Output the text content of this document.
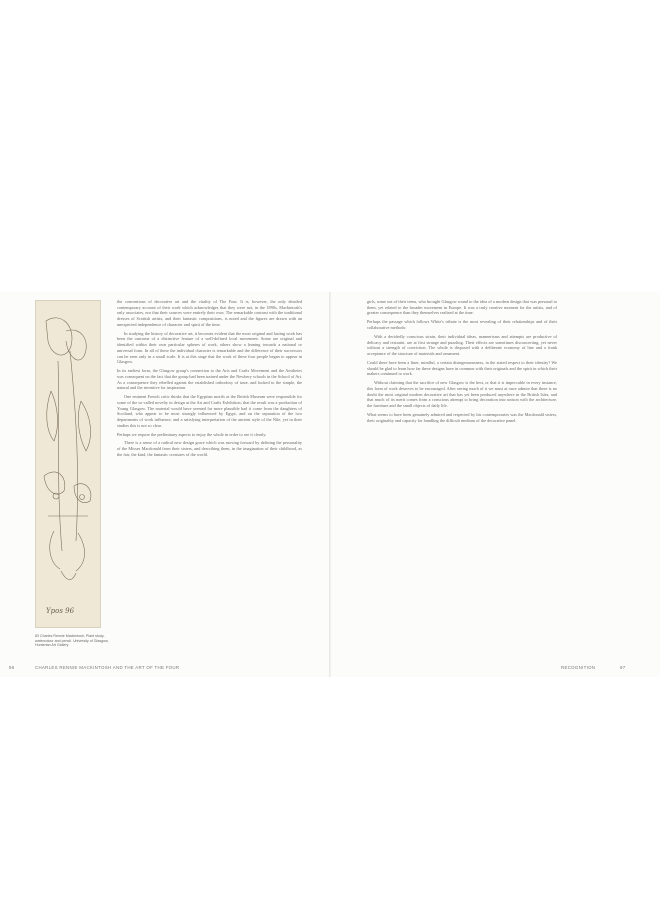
Ypos 96
83 Charles Rennie Mackintosh, Plant study, watercolour and pencil. University of Glasgow, Hunterian Art Gallery.

the conventions of decorative art and the vitality of The Four. It is, however, the only detailed contemporary account of their work which acknowledges that they were not, in the 1890s, Mackintosh's only associates, nor that their sources were entirely their own. The remarkable contrast with the traditional dresses of Scottish artists, and their fantastic compositions, is noted and the figures are drawn with an unexpected independence of character and spirit of the time.

In studying the history of decorative art, it becomes evident that the most original and lasting work has been the outcome of a distinctive feature of a well-defined local movement. Some are original and identified within their own particular spheres of work, others show a leaning towards a national or universal form. In all of these the individual character is remarkable and the difference of their successors can be seen only in a small scale. It is at this stage that the work of these four people began to appear in Glasgow.

In its earliest form, the Glasgow group's connection to the Arts and Crafts Movement and the Aesthetes was consequent on the fact that the group had been trained under the Newbery schools in the School of Art. As a consequence they rebelled against the established orthodoxy of taste, and looked to the simple, the natural and the inventive for inspiration.

One eminent French critic thinks that the Egyptian motifs at the British Museum were responsible for some of the so-called novelty in design at the Art and Crafts Exhibition; that the result was a production of Young Glasgow. The material would have seemed far more plausible had it come from the daughters of Scotland, who appear to be most strongly influenced by Egypt, and on the separation of the two departments of work influence, and a satisfying interpretation of the ancient style of the Nile, yet in their studies this is not so clear.

Perhaps we require the preliminary aspects to enjoy the whole in order to see it clearly.

There is a sense of a radical new design grace which was moving forward by defining the personality of the Misses Macdonald from their sisters, and describing them, in the imagination of their childhood, as the fair, the kind, the fantastic creatures of the world.

96	CHARLES RENNIE MACKINTOSH AND THE ART OF THE FOUR

girls, some out of their teens, who brought Glasgow round to the idea of a modern design that was personal to them, yet related to the broader movement in Europe. It was a truly creative moment for the artists, and of greater consequence than they themselves realised at the time.

Perhaps the passage which follows White's tribute is the most revealing of their relationships and of their collaborative methods:

With a decidedly conscious strain, their individual ideas, mannerisms and attempts are productive of delicacy and restraint, are at first strange and puzzling. Their effects are sometimes disconcerting, yet never without a strength of conviction. The whole is disposed with a deliberate economy of line and a frank acceptance of the structure of materials and ornament.

Could there have been a finer, mindful, a certain disingenuousness, in the stated respect to their identity? We should be glad to learn how far these designs have in common with their originals and the spirit in which their makers continued to work.

Without claiming that the sacrifice of new Glasgow is the best, or that it is impeccable in every instance, this form of work deserves to be encouraged. After seeing much of it we must at once admire that there is no doubt the most original modern decorative art that has yet been produced anywhere in the British Isles, and that much of its merit comes from a conscious attempt to bring decoration into unison with the architecture, the furniture and the small objects of daily life.

What seems to have been genuinely admired and respected by his contemporaries was the Macdonald sisters, their originality and capacity for handling the difficult medium of the decorative panel.

RECOGNITION	97
